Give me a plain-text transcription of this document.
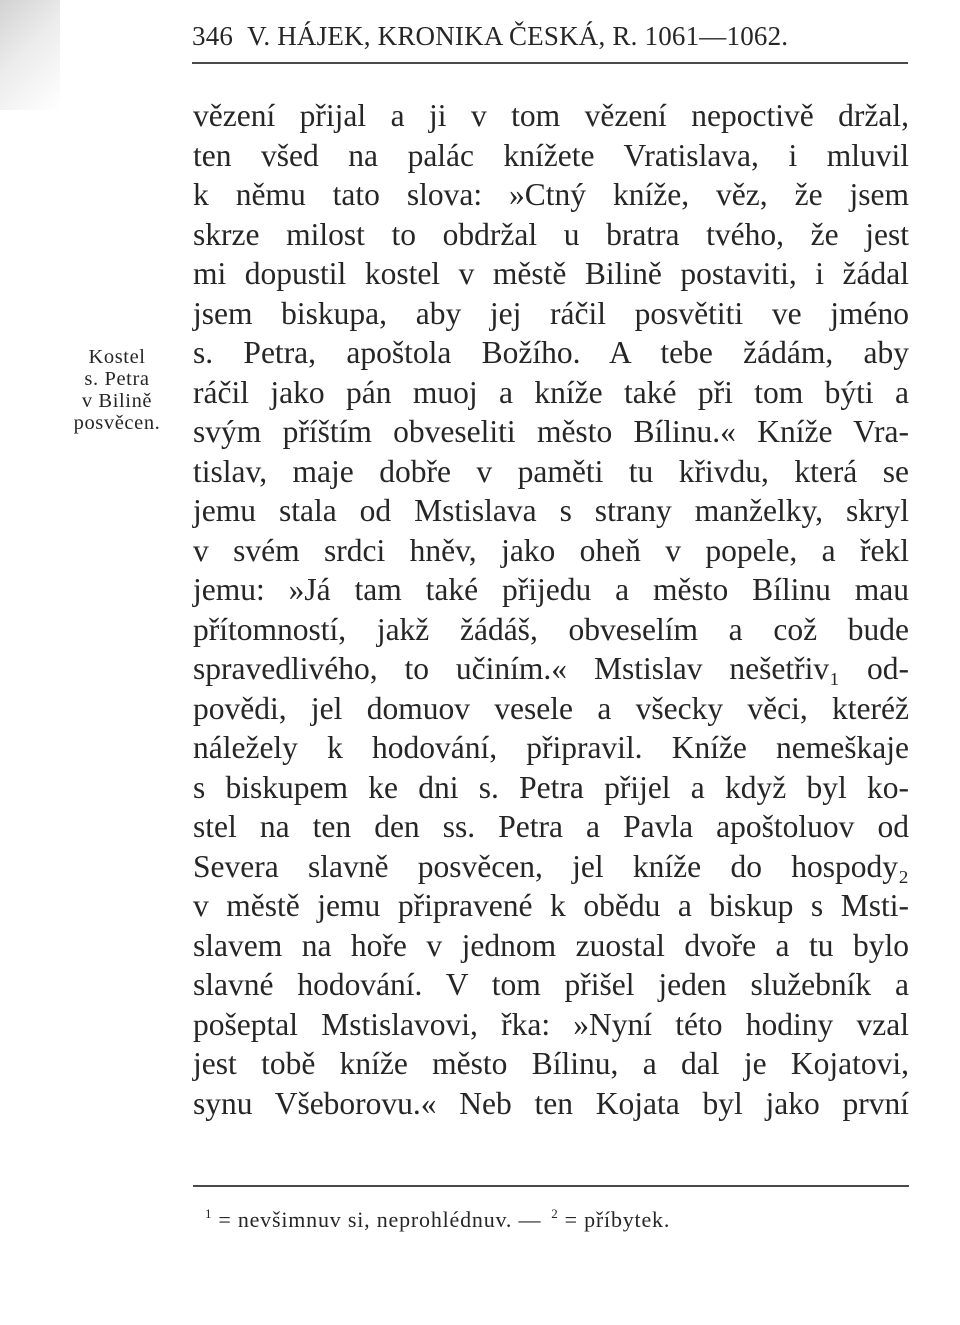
346 V. HÁJEK, KRONIKA ČESKÁ, R. 1061—1062.
Kostel
s. Petra
v Bilině
posvěcen.
vězení přijal a ji v tom vězení nepoctivě držal,
ten všed na palác knížete Vratislava, i mluvil
k němu tato slova: »Ctný kníže, věz, že jsem
skrze milost to obdržal u bratra tvého, že jest
mi dopustil kostel v městě Bilině postaviti, i žádal
jsem biskupa, aby jej ráčil posvětiti ve jméno
s. Petra, apoštola Božího. A tebe žádám, aby
ráčil jako pán muoj a kníže také při tom býti a
svým příštím obveseliti město Bílinu.« Kníže Vra-
tislav, maje dobře v paměti tu křivdu, která se
jemu stala od Mstislava s strany manželky, skryl
v svém srdci hněv, jako oheň v popele, a řekl
jemu: »Já tam také přijedu a město Bílinu mau
přítomností, jakž žádáš, obveselím a což bude
spravedlivého, to učiním.« Mstislav nešetřiv₁ od-
povědi, jel domuov vesele a všecky věci, kteréž
náležely k hodování, připravil. Kníže nemeškaje
s biskupem ke dni s. Petra přijel a když byl ko-
stel na ten den ss. Petra a Pavla apoštoluov od
Severa slavně posvěcen, jel kníže do hospody₂
v městě jemu připravené k obědu a biskup s Msti-
slavem na hoře v jednom zuostal dvoře a tu bylo
slavné hodování. V tom přišel jeden služebník a
pošeptal Mstislavovi, řka: »Nyní této hodiny vzal
jest tobě kníže město Bílinu, a dal je Kojatovi,
synu Všeborovu.« Neb ten Kojata byl jako první
$^1$ = nevšimnuv si, neprohlédnuv. — $^2$ = příbytek.
